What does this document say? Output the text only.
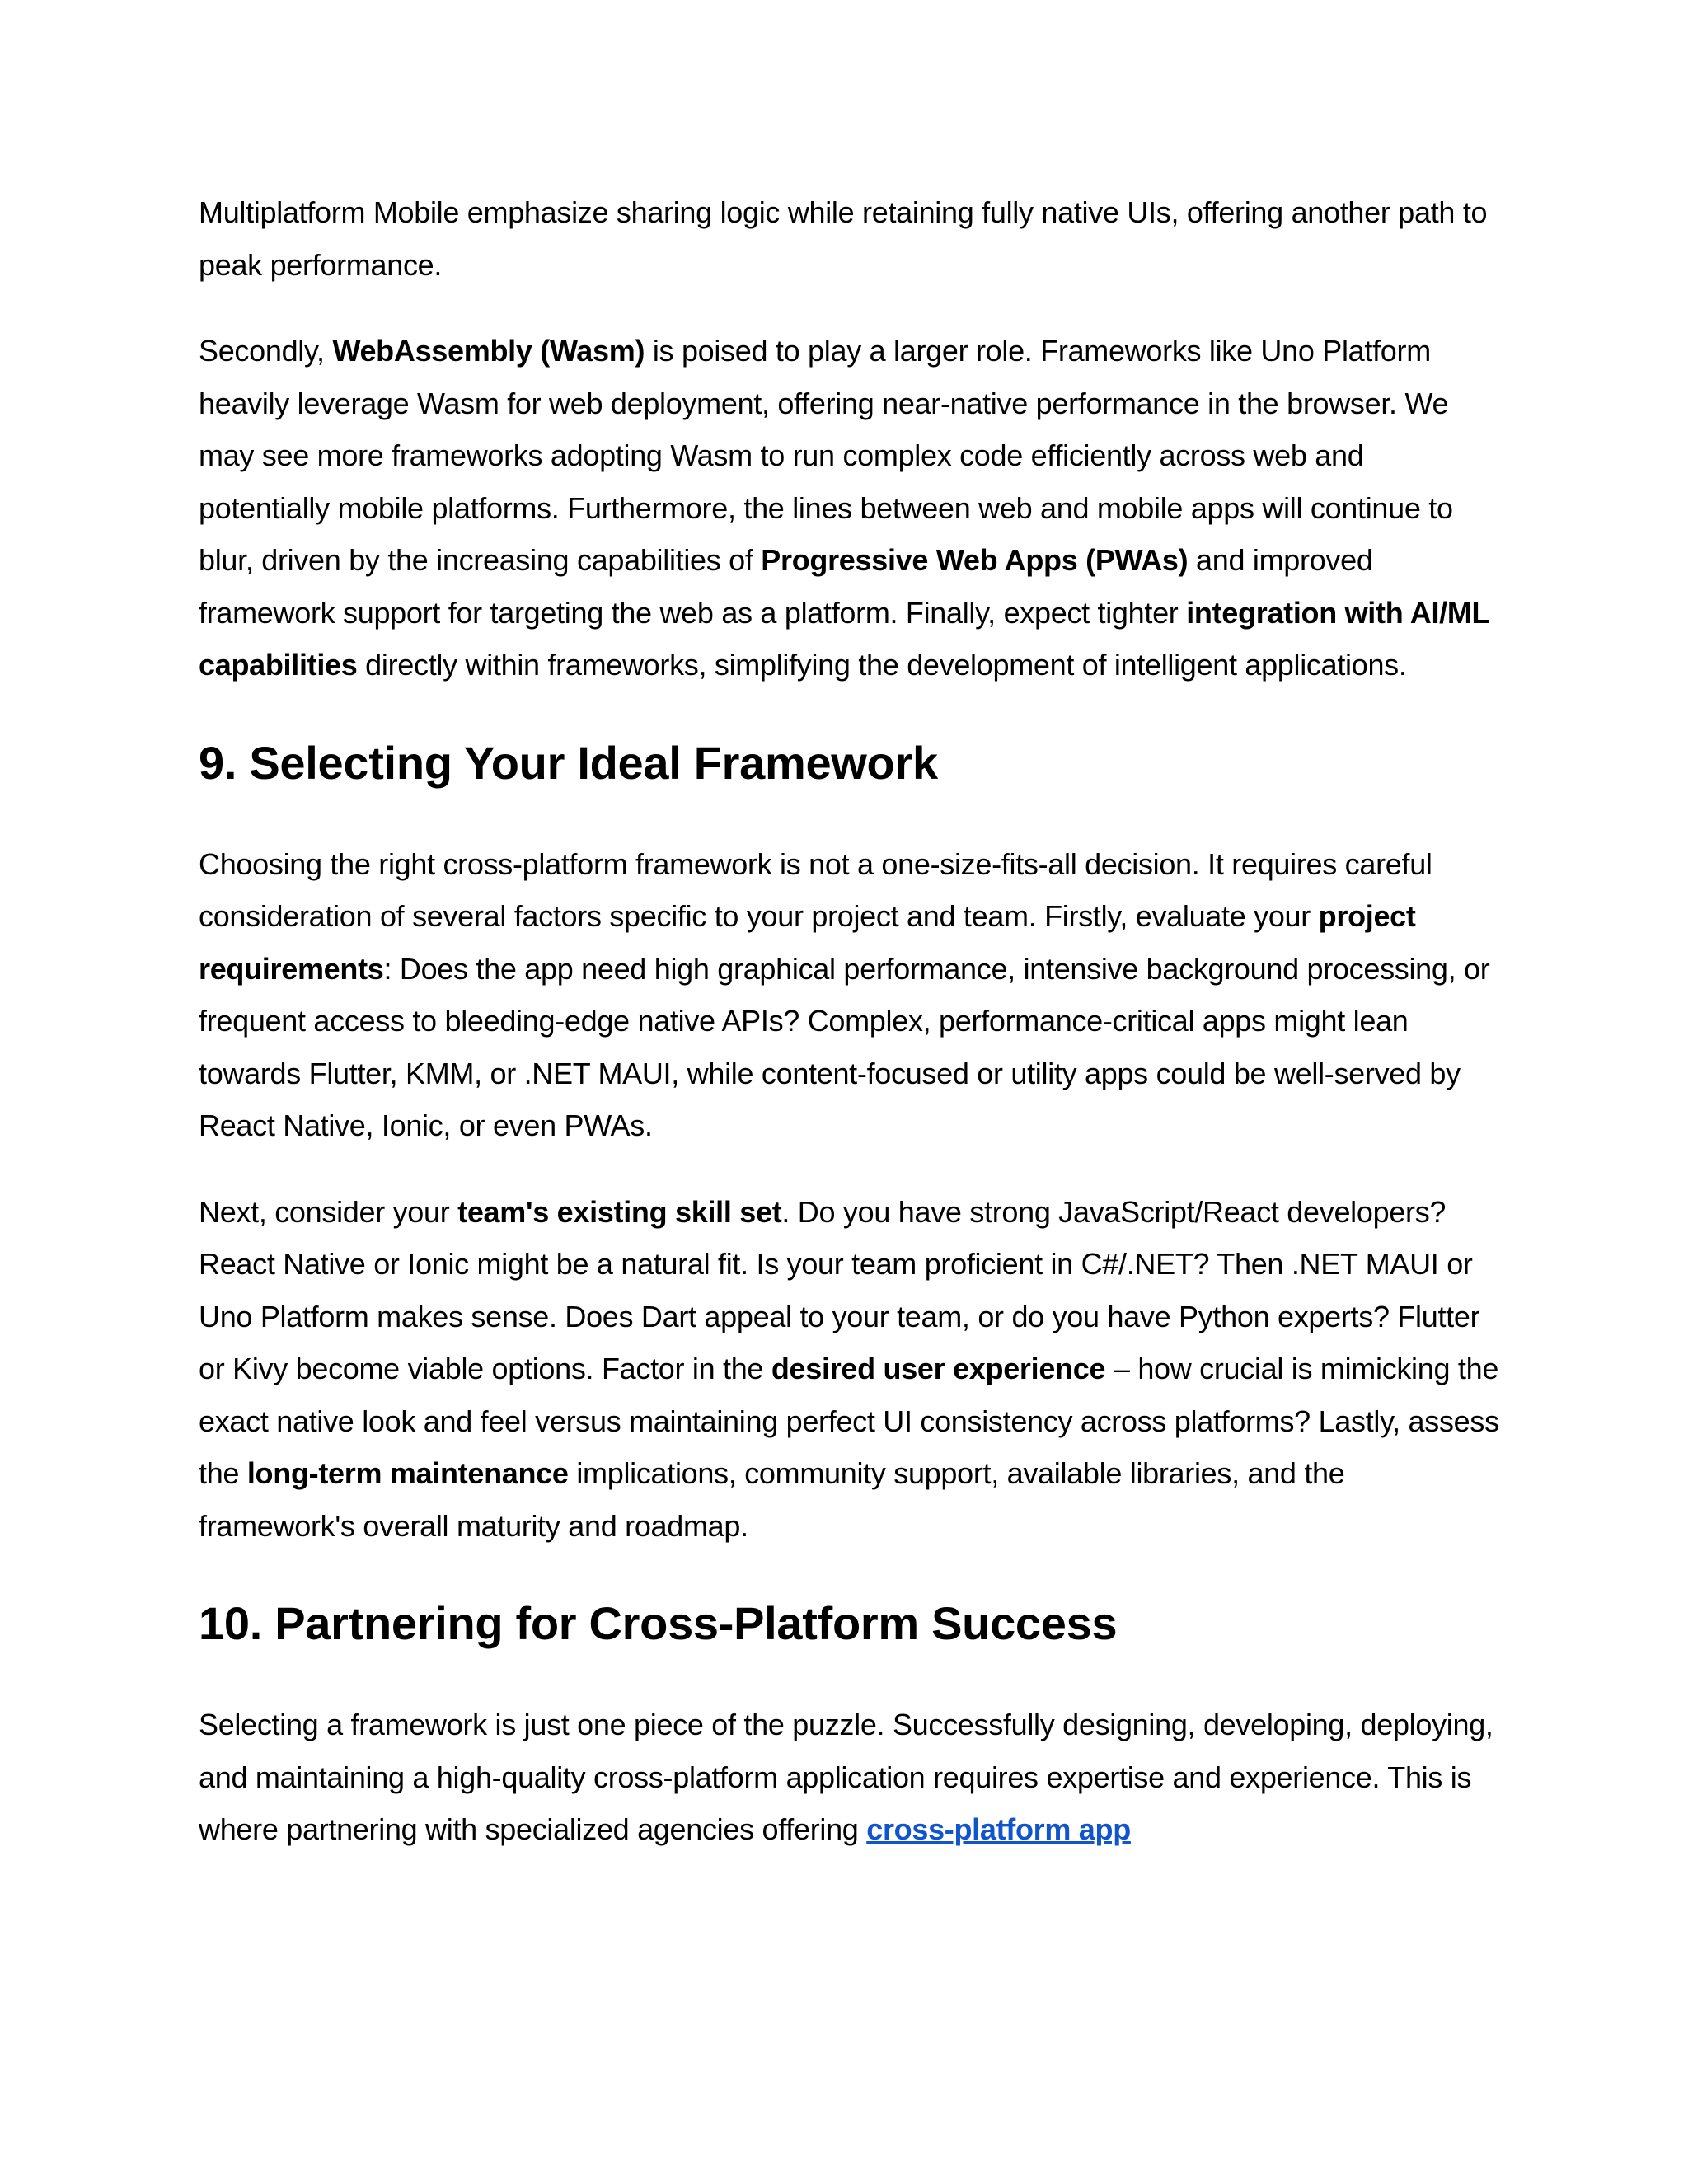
Multiplatform Mobile emphasize sharing logic while retaining fully native UIs, offering another path to peak performance.

Secondly, WebAssembly (Wasm) is poised to play a larger role. Frameworks like Uno Platform heavily leverage Wasm for web deployment, offering near-native performance in the browser. We may see more frameworks adopting Wasm to run complex code efficiently across web and potentially mobile platforms. Furthermore, the lines between web and mobile apps will continue to blur, driven by the increasing capabilities of Progressive Web Apps (PWAs) and improved framework support for targeting the web as a platform. Finally, expect tighter integration with AI/ML capabilities directly within frameworks, simplifying the development of intelligent applications.

9. Selecting Your Ideal Framework

Choosing the right cross-platform framework is not a one-size-fits-all decision. It requires careful consideration of several factors specific to your project and team. Firstly, evaluate your project requirements: Does the app need high graphical performance, intensive background processing, or frequent access to bleeding-edge native APIs? Complex, performance-critical apps might lean towards Flutter, KMM, or .NET MAUI, while content-focused or utility apps could be well-served by React Native, Ionic, or even PWAs.

Next, consider your team's existing skill set. Do you have strong JavaScript/React developers? React Native or Ionic might be a natural fit. Is your team proficient in C#/.NET? Then .NET MAUI or Uno Platform makes sense. Does Dart appeal to your team, or do you have Python experts? Flutter or Kivy become viable options. Factor in the desired user experience – how crucial is mimicking the exact native look and feel versus maintaining perfect UI consistency across platforms? Lastly, assess the long-term maintenance implications, community support, available libraries, and the framework's overall maturity and roadmap.

10. Partnering for Cross-Platform Success

Selecting a framework is just one piece of the puzzle. Successfully designing, developing, deploying, and maintaining a high-quality cross-platform application requires expertise and experience. This is where partnering with specialized agencies offering cross-platform app
